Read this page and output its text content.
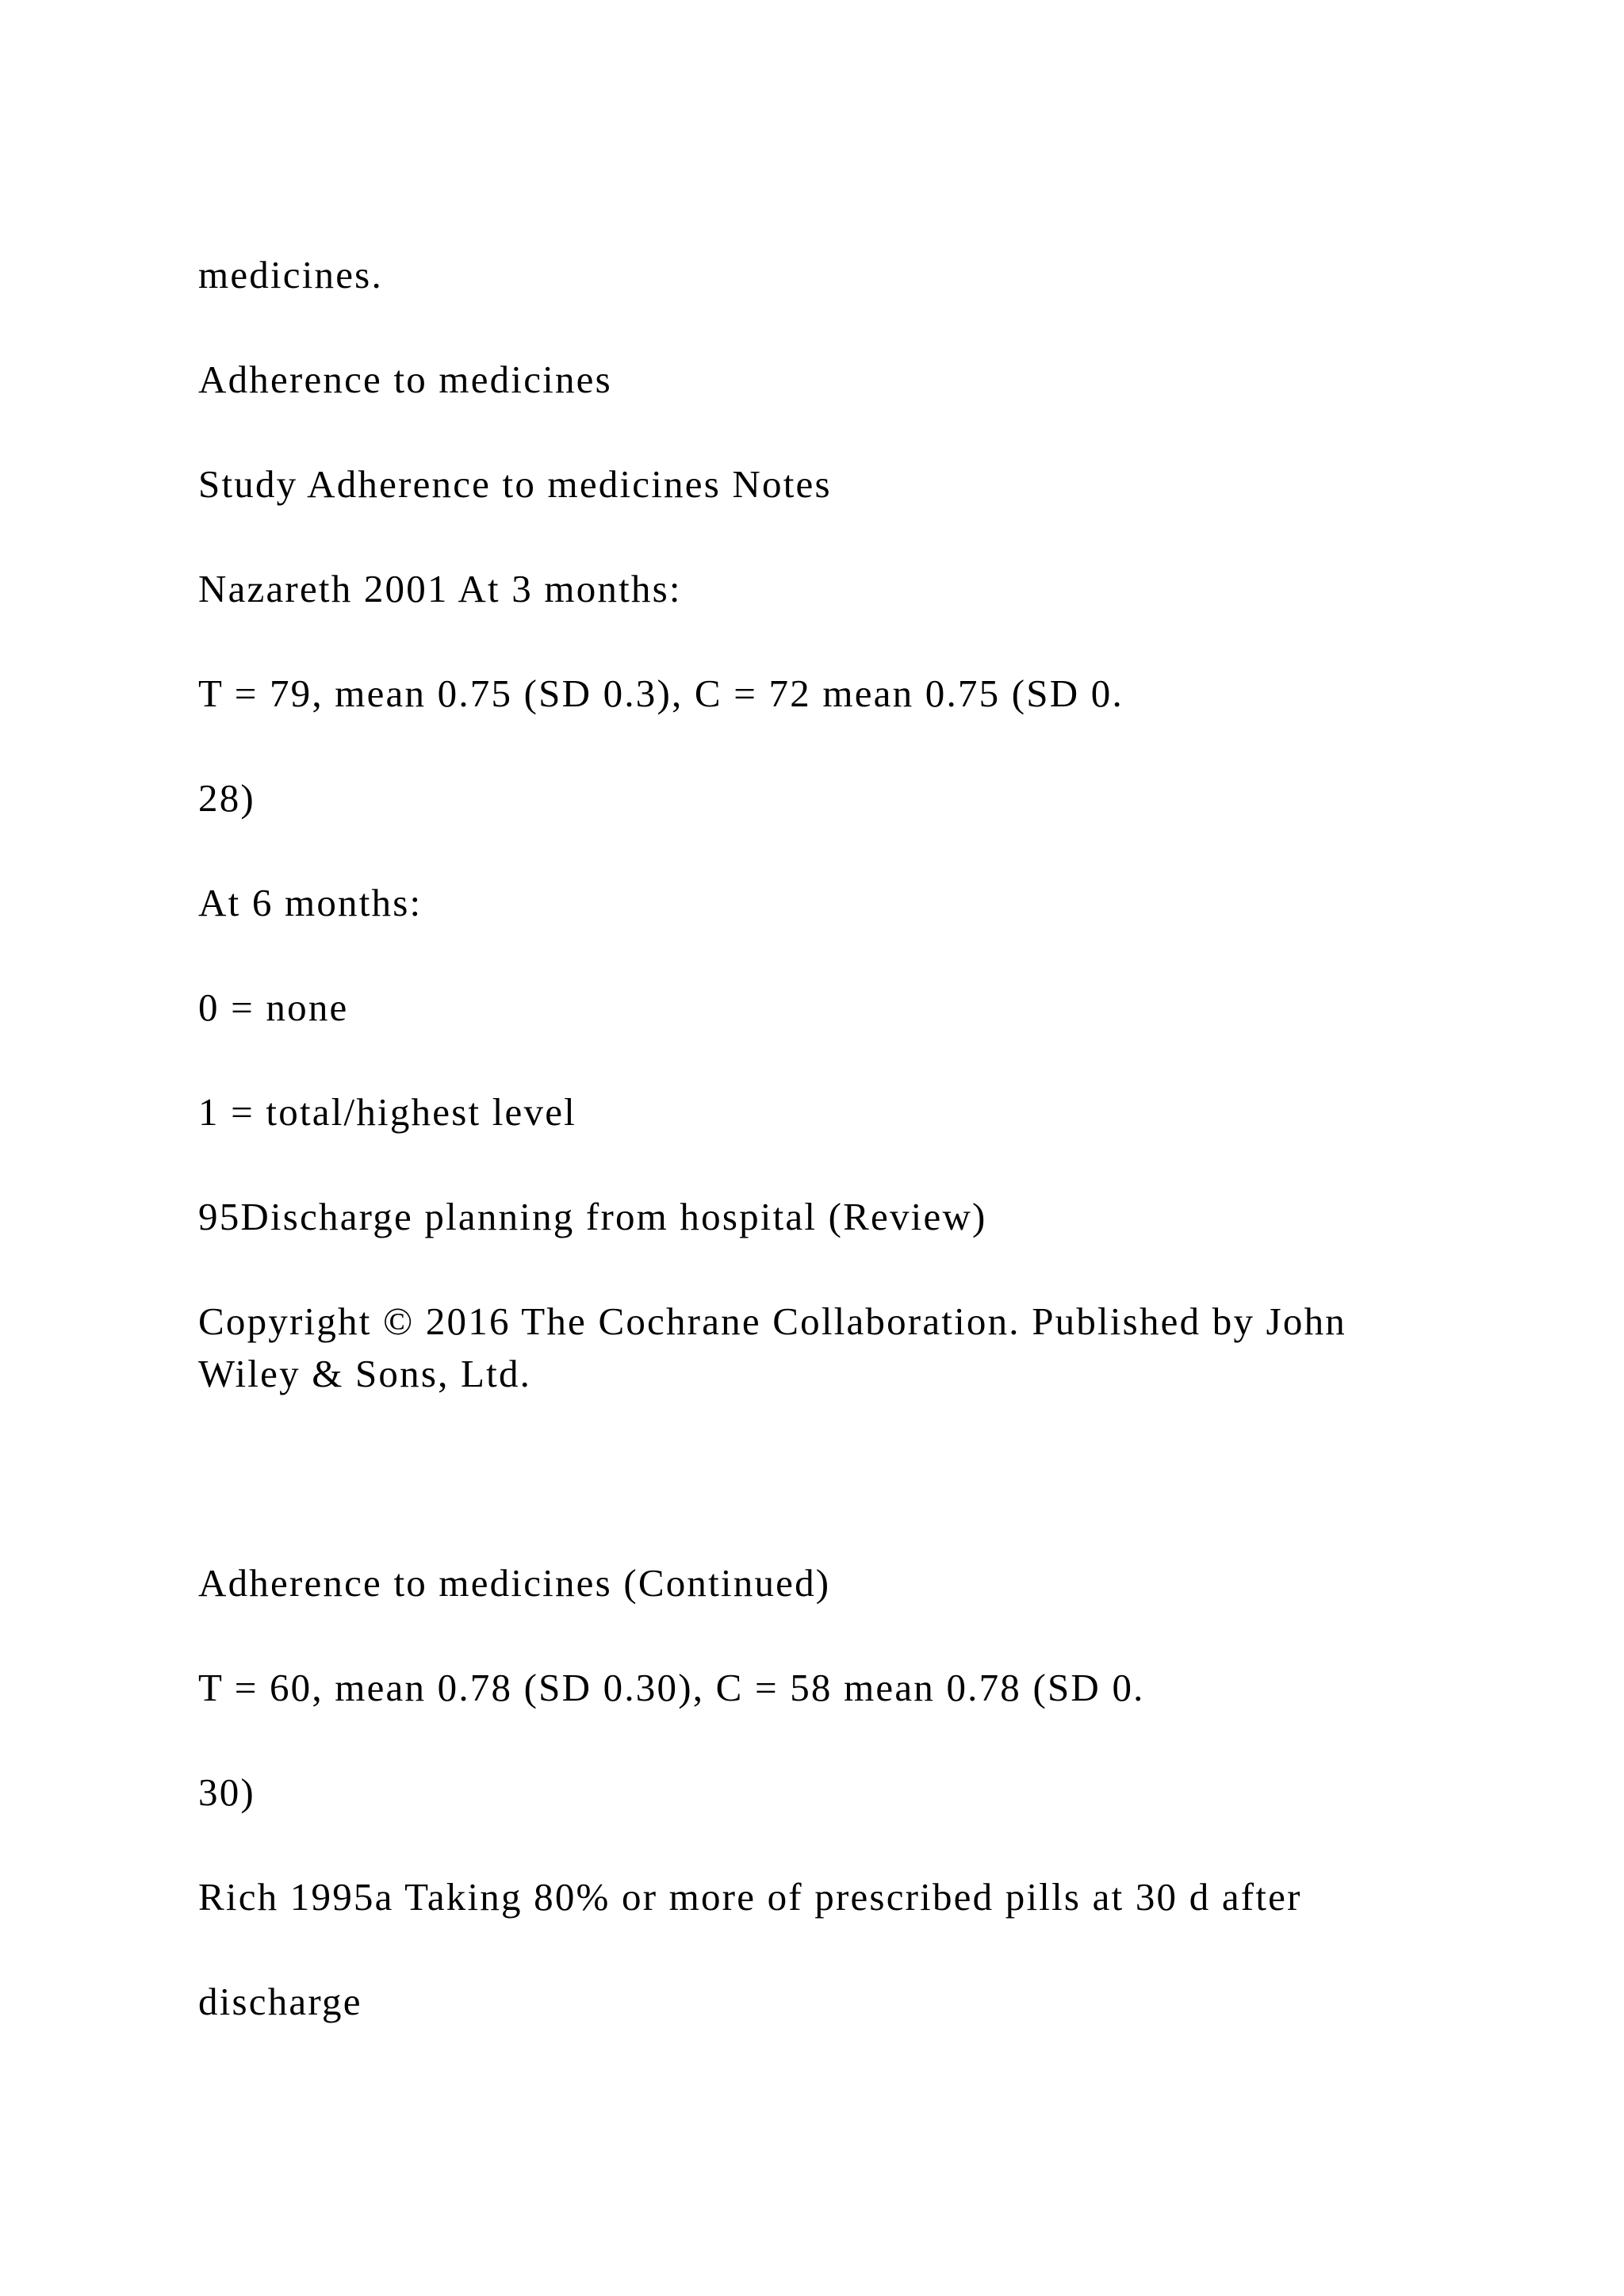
medicines.

Adherence to medicines

Study Adherence to medicines Notes

Nazareth 2001 At 3 months:

T = 79, mean 0.75 (SD 0.3), C = 72 mean 0.75 (SD 0.

28)

At 6 months:

0 = none

1 = total/highest level

95Discharge planning from hospital (Review)

Copyright © 2016 The Cochrane Collaboration. Published by John Wiley & Sons, Ltd.

Adherence to medicines (Continued)

T = 60, mean 0.78 (SD 0.30), C = 58 mean 0.78 (SD 0.

30)

Rich 1995a Taking 80% or more of prescribed pills at 30 d after

discharge
